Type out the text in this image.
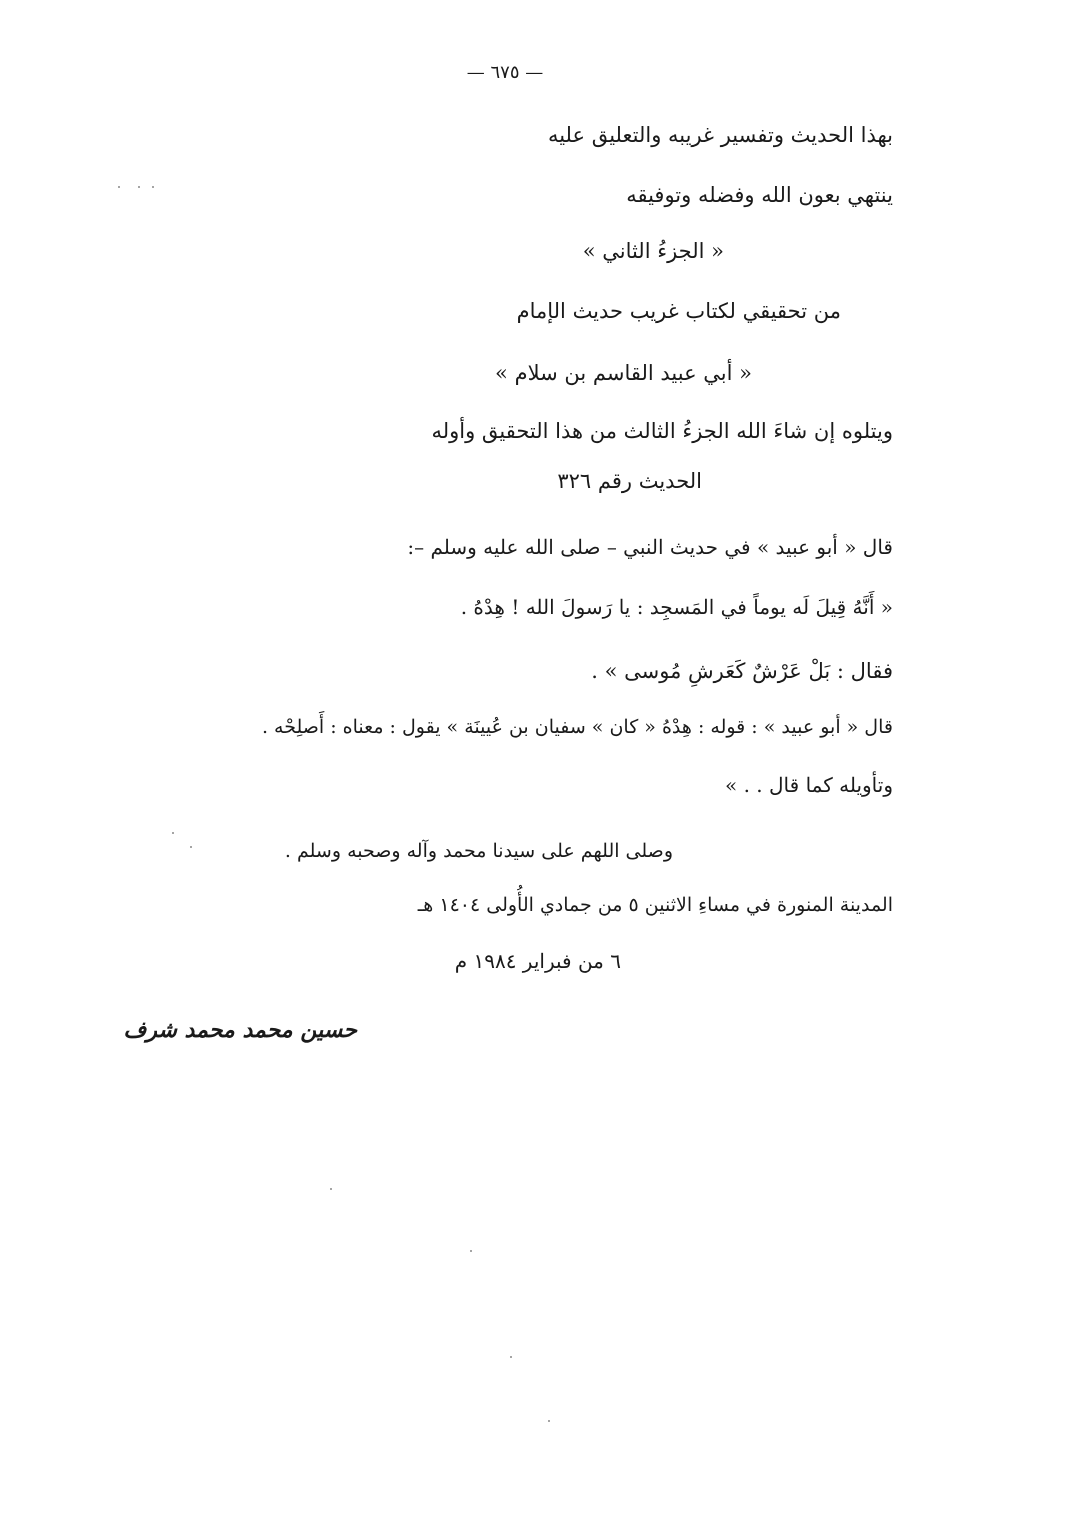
— ٦٧٥ —
بهذا الحديث وتفسير غريبه والتعليق عليه
ينتهي بعون الله وفضله وتوفيقه
« الجزءُ الثاني »
من تحقيقي لكتاب غريب حديث الإمام
« أبي عبيد القاسم بن سلام »
ويتلوه إن شاءَ الله الجزءُ الثالث من هذا التحقيق وأوله
الحديث رقم ٣٢٦
قال « أبو عبيد » في حديث النبي – صلى الله عليه وسلم –:
« أَنَّهُ قِيلَ لَه يوماً في المَسجِد : يا رَسولَ الله ! هِدْهُ .
فقال : بَلْ عَرْشٌ كَعَرشِ مُوسى » .
قال « أبو عبيد » : قوله : هِدْهُ « كان » سفيان بن عُيينَة » يقول : معناه : أَصلِحْه .
وتأويله كما قال . . »
وصلى اللهم على سيدنا محمد وآله وصحبه وسلم .
المدينة المنورة في مساءِ الاثنين ٥ من جمادي الأُولى ١٤٠٤ هـ
٦ من فبراير ١٩٨٤ م
حسين محمد محمد شرف
